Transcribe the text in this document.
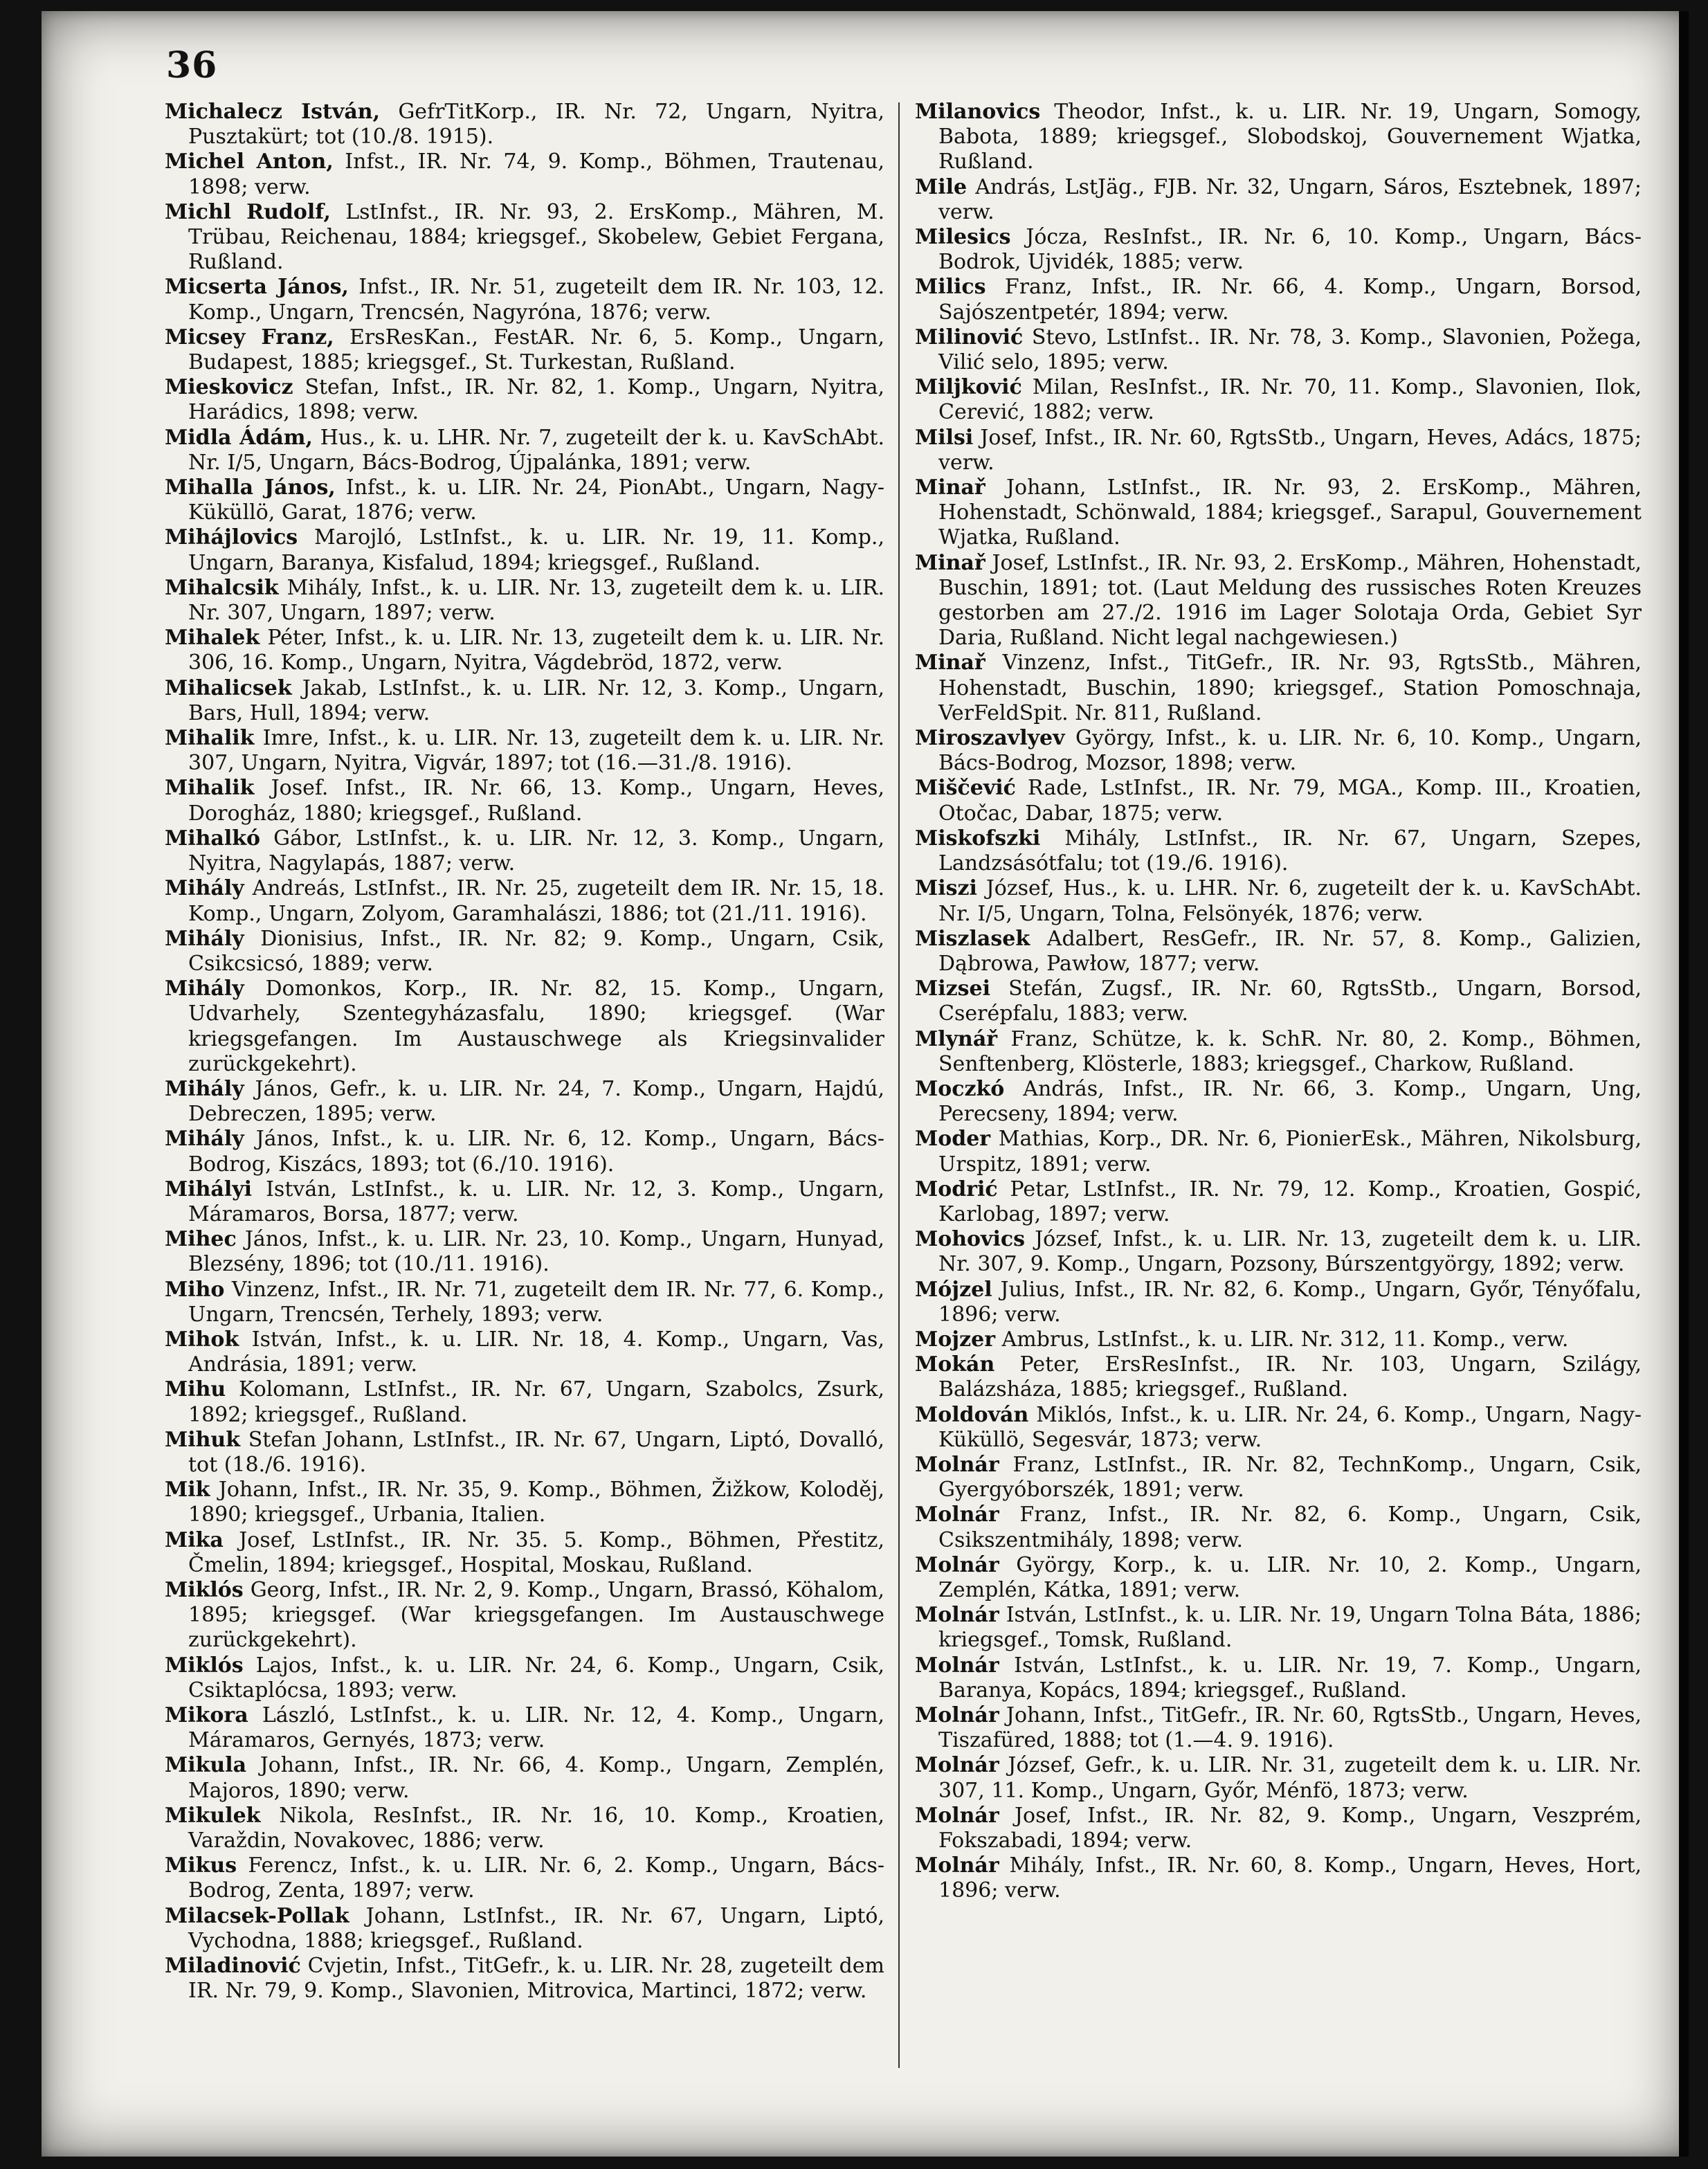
36

Michalecz István, GefrTitKorp., IR. Nr. 72, Ungarn, Nyitra, Pusztakürt; tot (10./8. 1915).

Michel Anton, Infst., IR. Nr. 74, 9. Komp., Böhmen, Trautenau, 1898; verw.

Michl Rudolf, LstInfst., IR. Nr. 93, 2. ErsKomp., Mähren, M. Trübau, Reichenau, 1884; kriegsgef., Skobelew, Gebiet Fergana, Rußland.

Micserta János, Infst., IR. Nr. 51, zugeteilt dem IR. Nr. 103, 12. Komp., Ungarn, Trencsén, Nagyróna, 1876; verw.

Micsey Franz, ErsResKan., FestAR. Nr. 6, 5. Komp., Ungarn, Budapest, 1885; kriegsgef., St. Turkestan, Rußland.

Mieskovicz Stefan, Infst., IR. Nr. 82, 1. Komp., Ungarn, Nyitra, Harádics, 1898; verw.

Midla Ádám, Hus., k. u. LHR. Nr. 7, zugeteilt der k. u. KavSchAbt. Nr. I/5, Ungarn, Bács-Bodrog, Újpalánka, 1891; verw.

Mihalla János, Infst., k. u. LIR. Nr. 24, PionAbt., Ungarn, Nagy-Küküllö, Garat, 1876; verw.

Mihájlovics Marojló, LstInfst., k. u. LIR. Nr. 19, 11. Komp., Ungarn, Baranya, Kisfalud, 1894; kriegsgef., Rußland.

Mihalcsik Mihály, Infst., k. u. LIR. Nr. 13, zugeteilt dem k. u. LIR. Nr. 307, Ungarn, 1897; verw.

Mihalek Péter, Infst., k. u. LIR. Nr. 13, zugeteilt dem k. u. LIR. Nr. 306, 16. Komp., Ungarn, Nyitra, Vágdebröd, 1872, verw.

Mihalicsek Jakab, LstInfst., k. u. LIR. Nr. 12, 3. Komp., Ungarn, Bars, Hull, 1894; verw.

Mihalik Imre, Infst., k. u. LIR. Nr. 13, zugeteilt dem k. u. LIR. Nr. 307, Ungarn, Nyitra, Vigvár, 1897; tot (16.—31./8. 1916).

Mihalik Josef. Infst., IR. Nr. 66, 13. Komp., Ungarn, Heves, Dorogház, 1880; kriegsgef., Rußland.

Mihalkó Gábor, LstInfst., k. u. LIR. Nr. 12, 3. Komp., Ungarn, Nyitra, Nagylapás, 1887; verw.

Mihály Andreás, LstInfst., IR. Nr. 25, zugeteilt dem IR. Nr. 15, 18. Komp., Ungarn, Zolyom, Garamhalászi, 1886; tot (21./11. 1916).

Mihály Dionisius, Infst., IR. Nr. 82; 9. Komp., Ungarn, Csik, Csikcsicsó, 1889; verw.

Mihály Domonkos, Korp., IR. Nr. 82, 15. Komp., Ungarn, Udvarhely, Szentegyházasfalu, 1890; kriegsgef. (War kriegsgefangen. Im Austauschwege als Kriegsinvalider zurückgekehrt).

Mihály János, Gefr., k. u. LIR. Nr. 24, 7. Komp., Ungarn, Hajdú, Debreczen, 1895; verw.

Mihály János, Infst., k. u. LIR. Nr. 6, 12. Komp., Ungarn, Bács-Bodrog, Kiszács, 1893; tot (6./10. 1916).

Mihályi István, LstInfst., k. u. LIR. Nr. 12, 3. Komp., Ungarn, Máramaros, Borsa, 1877; verw.

Mihec János, Infst., k. u. LIR. Nr. 23, 10. Komp., Ungarn, Hunyad, Blezsény, 1896; tot (10./11. 1916).

Miho Vinzenz, Infst., IR. Nr. 71, zugeteilt dem IR. Nr. 77, 6. Komp., Ungarn, Trencsén, Terhely, 1893; verw.

Mihok István, Infst., k. u. LIR. Nr. 18, 4. Komp., Ungarn, Vas, Andrásia, 1891; verw.

Mihu Kolomann, LstInfst., IR. Nr. 67, Ungarn, Szabolcs, Zsurk, 1892; kriegsgef., Rußland.

Mihuk Stefan Johann, LstInfst., IR. Nr. 67, Ungarn, Liptó, Dovalló, tot (18./6. 1916).

Mik Johann, Infst., IR. Nr. 35, 9. Komp., Böhmen, Žižkow, Koloděj, 1890; kriegsgef., Urbania, Italien.

Mika Josef, LstInfst., IR. Nr. 35. 5. Komp., Böhmen, Přestitz, Čmelin, 1894; kriegsgef., Hospital, Moskau, Rußland.

Miklós Georg, Infst., IR. Nr. 2, 9. Komp., Ungarn, Brassó, Köhalom, 1895; kriegsgef. (War kriegsgefangen. Im Austauschwege zurückgekehrt).

Miklós Lajos, Infst., k. u. LIR. Nr. 24, 6. Komp., Ungarn, Csik, Csiktaplócsa, 1893; verw.

Mikora László, LstInfst., k. u. LIR. Nr. 12, 4. Komp., Ungarn, Máramaros, Gernyés, 1873; verw.

Mikula Johann, Infst., IR. Nr. 66, 4. Komp., Ungarn, Zemplén, Majoros, 1890; verw.

Mikulek Nikola, ResInfst., IR. Nr. 16, 10. Komp., Kroatien, Varaždin, Novakovec, 1886; verw.

Mikus Ferencz, Infst., k. u. LIR. Nr. 6, 2. Komp., Ungarn, Bács-Bodrog, Zenta, 1897; verw.

Milacsek-Pollak Johann, LstInfst., IR. Nr. 67, Ungarn, Liptó, Vychodna, 1888; kriegsgef., Rußland.

Miladinović Cvjetin, Infst., TitGefr., k. u. LIR. Nr. 28, zugeteilt dem IR. Nr. 79, 9. Komp., Slavonien, Mitrovica, Martinci, 1872; verw.

Milanovics Theodor, Infst., k. u. LIR. Nr. 19, Ungarn, Somogy, Babota, 1889; kriegsgef., Slobodskoj, Gouvernement Wjatka, Rußland.

Mile András, LstJäg., FJB. Nr. 32, Ungarn, Sáros, Esztebnek, 1897; verw.

Milesics Jócza, ResInfst., IR. Nr. 6, 10. Komp., Ungarn, Bács-Bodrok, Ujvidék, 1885; verw.

Milics Franz, Infst., IR. Nr. 66, 4. Komp., Ungarn, Borsod, Sajószentpetér, 1894; verw.

Milinović Stevo, LstInfst.. IR. Nr. 78, 3. Komp., Slavonien, Požega, Vilić selo, 1895; verw.

Miljković Milan, ResInfst., IR. Nr. 70, 11. Komp., Slavonien, Ilok, Cerević, 1882; verw.

Milsi Josef, Infst., IR. Nr. 60, RgtsStb., Ungarn, Heves, Adács, 1875; verw.

Minař Johann, LstInfst., IR. Nr. 93, 2. ErsKomp., Mähren, Hohenstadt, Schönwald, 1884; kriegsgef., Sarapul, Gouvernement Wjatka, Rußland.

Minař Josef, LstInfst., IR. Nr. 93, 2. ErsKomp., Mähren, Hohenstadt, Buschin, 1891; tot. (Laut Meldung des russisches Roten Kreuzes gestorben am 27./2. 1916 im Lager Solotaja Orda, Gebiet Syr Daria, Rußland. Nicht legal nachgewiesen.)

Minař Vinzenz, Infst., TitGefr., IR. Nr. 93, RgtsStb., Mähren, Hohenstadt, Buschin, 1890; kriegsgef., Station Pomoschnaja, VerFeldSpit. Nr. 811, Rußland.

Miroszavlyev György, Infst., k. u. LIR. Nr. 6, 10. Komp., Ungarn, Bács-Bodrog, Mozsor, 1898; verw.

Miščević Rade, LstInfst., IR. Nr. 79, MGA., Komp. III., Kroatien, Otočac, Dabar, 1875; verw.

Miskofszki Mihály, LstInfst., IR. Nr. 67, Ungarn, Szepes, Landzsásótfalu; tot (19./6. 1916).

Miszi József, Hus., k. u. LHR. Nr. 6, zugeteilt der k. u. KavSchAbt. Nr. I/5, Ungarn, Tolna, Felsönyék, 1876; verw.

Miszlasek Adalbert, ResGefr., IR. Nr. 57, 8. Komp., Galizien, Dąbrowa, Pawłow, 1877; verw.

Mizsei Stefán, Zugsf., IR. Nr. 60, RgtsStb., Ungarn, Borsod, Cserépfalu, 1883; verw.

Mlynář Franz, Schütze, k. k. SchR. Nr. 80, 2. Komp., Böhmen, Senftenberg, Klösterle, 1883; kriegsgef., Charkow, Rußland.

Moczkó András, Infst., IR. Nr. 66, 3. Komp., Ungarn, Ung, Perecseny, 1894; verw.

Moder Mathias, Korp., DR. Nr. 6, PionierEsk., Mähren, Nikolsburg, Urspitz, 1891; verw.

Modrić Petar, LstInfst., IR. Nr. 79, 12. Komp., Kroatien, Gospić, Karlobag, 1897; verw.

Mohovics József, Infst., k. u. LIR. Nr. 13, zugeteilt dem k. u. LIR. Nr. 307, 9. Komp., Ungarn, Pozsony, Búrszentgyörgy, 1892; verw.

Mójzel Julius, Infst., IR. Nr. 82, 6. Komp., Ungarn, Győr, Tényőfalu, 1896; verw.

Mojzer Ambrus, LstInfst., k. u. LIR. Nr. 312, 11. Komp., verw.

Mokán Peter, ErsResInfst., IR. Nr. 103, Ungarn, Szilágy, Balázsháza, 1885; kriegsgef., Rußland.

Moldován Miklós, Infst., k. u. LIR. Nr. 24, 6. Komp., Ungarn, Nagy-Küküllö, Segesvár, 1873; verw.

Molnár Franz, LstInfst., IR. Nr. 82, TechnKomp., Ungarn, Csik, Gyergyóborszék, 1891; verw.

Molnár Franz, Infst., IR. Nr. 82, 6. Komp., Ungarn, Csik, Csikszentmihály, 1898; verw.

Molnár György, Korp., k. u. LIR. Nr. 10, 2. Komp., Ungarn, Zemplén, Kátka, 1891; verw.

Molnár István, LstInfst., k. u. LIR. Nr. 19, Ungarn Tolna Báta, 1886; kriegsgef., Tomsk, Rußland.

Molnár István, LstInfst., k. u. LIR. Nr. 19, 7. Komp., Ungarn, Baranya, Kopács, 1894; kriegsgef., Rußland.

Molnár Johann, Infst., TitGefr., IR. Nr. 60, RgtsStb., Ungarn, Heves, Tiszafüred, 1888; tot (1.—4. 9. 1916).

Molnár József, Gefr., k. u. LIR. Nr. 31, zugeteilt dem k. u. LIR. Nr. 307, 11. Komp., Ungarn, Győr, Ménfö, 1873; verw.

Molnár Josef, Infst., IR. Nr. 82, 9. Komp., Ungarn, Veszprém, Fokszabadi, 1894; verw.

Molnár Mihály, Infst., IR. Nr. 60, 8. Komp., Ungarn, Heves, Hort, 1896; verw.
